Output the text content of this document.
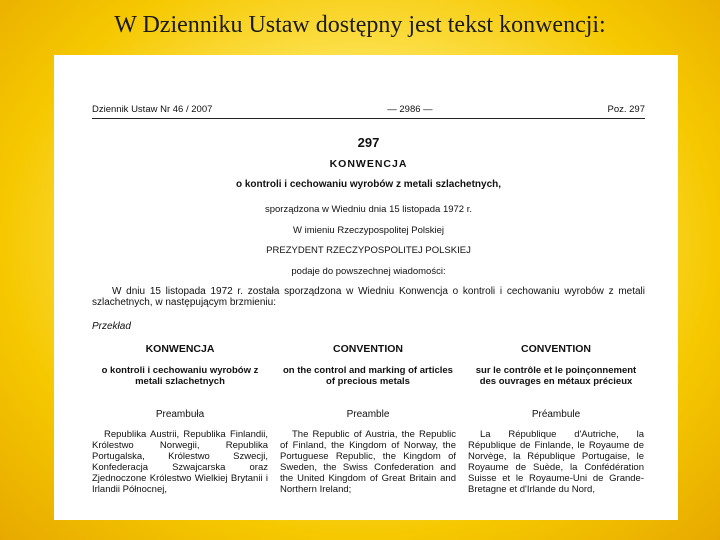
W Dzienniku Ustaw dostępny jest tekst konwencji:
Dziennik Ustaw Nr 46 / 2007	— 2986 —	Poz. 297
297
KONWENCJA
o kontroli i cechowaniu wyrobów z metali szlachetnych,
sporządzona w Wiedniu dnia 15 listopada 1972 r.
W imieniu Rzeczypospolitej Polskiej
PREZYDENT RZECZYPOSPOLITEJ POLSKIEJ
podaje do powszechnej wiadomości:
W dniu 15 listopada 1972 r. została sporządzona w Wiedniu Konwencja o kontroli i cechowaniu wyrobów z metali szlachetnych, w następującym brzmieniu:
Przekład
KONWENCJA
o kontroli i cechowaniu wyrobów z metali szlachetnych
Preambuła
Republika Austrii, Republika Finlandii, Królestwo Norwegii, Republika Portugalska, Królestwo Szwecji, Konfederacja Szwajcarska oraz Zjednoczone Królestwo Wielkiej Brytanii i Irlandii Północnej,
CONVENTION
on the control and marking of articles of precious metals
Preamble
The Republic of Austria, the Republic of Finland, the Kingdom of Norway, the Portuguese Republic, the Kingdom of Sweden, the Swiss Confederation and the United Kingdom of Great Britain and Northern Ireland;
CONVENTION
sur le contrôle et le poinçonnement des ouvrages en métaux précieux
Préambule
La République d'Autriche, la République de Finlande, le Royaume de Norvège, la République Portugaise, le Royaume de Suède, la Confédération Suisse et le Royaume-Uni de Grande-Bretagne et d'Irlande du Nord,
